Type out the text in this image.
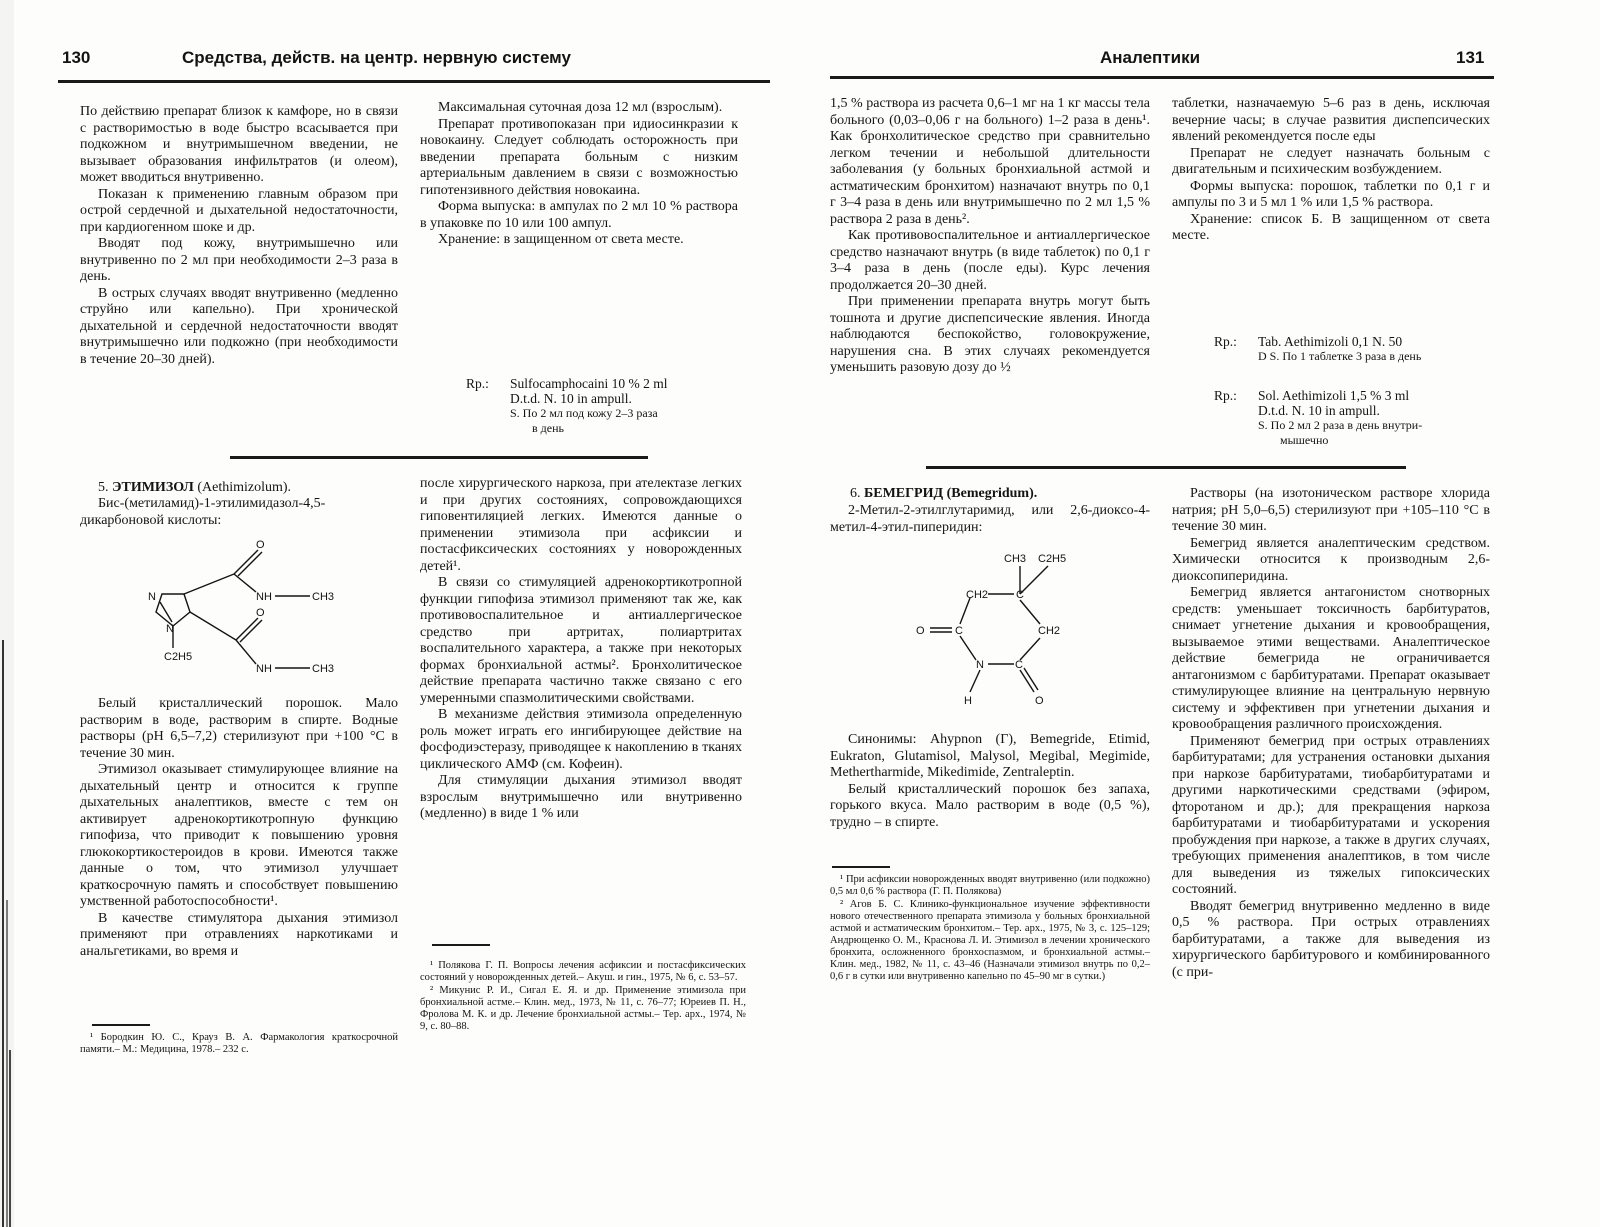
130	Средства, действ. на центр. нервную систему

По действию препарат близок к камфоре, но в связи с растворимостью в воде быстро всасывается при подкожном и внутримышечном введении, не вызывает образования инфильтратов (и олеом), может вводиться внутривенно.

Показан к применению главным образом при острой сердечной и дыхательной недостаточности, при кардиогенном шоке и др.

Вводят под кожу, внутримышечно или внутривенно по 2 мл при необходимости 2–3 раза в день.

В острых случаях вводят внутривенно (медленно струйно или капельно). При хронической дыхательной и сердечной недостаточности вводят внутримышечно или подкожно (при необходимости в течение 20–30 дней).

Максимальная суточная доза 12 мл (взрослым).

Препарат противопоказан при идиосинкразии к новокаину. Следует соблюдать осторожность при введении препарата больным с низким артериальным давлением в связи с возможностью гипотензивного действия новокаина.

Форма выпуска: в ампулах по 2 мл 10 % раствора в упаковке по 10 или 100 ампул.

Хранение: в защищенном от света месте.

Rp.: Sulfocamphocaini 10 % 2 ml
D.t.d. N. 10 in ampull.
S. По 2 мл под кожу 2–3 раза
в день

5. ЭТИМИЗОЛ (Aethimizolum).

Бис-(метиламид)-1-этилимидазол-4,5-дикарбоновой кислоты:

O
O
N
N
NH
NH
CH3
CH3
C2H5

Белый кристаллический порошок. Мало растворим в воде, растворим в спирте. Водные растворы (pH 6,5–7,2) стерилизуют при +100 °С в течение 30 мин.

Этимизол оказывает стимулирующее влияние на дыхательный центр и относится к группе дыхательных аналептиков, вместе с тем он активирует адренокортикотропную функцию гипофиза, что приводит к повышению уровня глюкокортикостероидов в крови. Имеются также данные о том, что этимизол улучшает краткосрочную память и способствует повышению умственной работоспособности¹.

В качестве стимулятора дыхания этимизол применяют при отравлениях наркотиками и анальгетиками, во время и

¹ Бородкин Ю. С., Крауз В. А. Фармакология краткосрочной памяти.– М.: Медицина, 1978.– 232 с.

после хирургического наркоза, при ателектазе легких и при других состояниях, сопровождающихся гиповентиляцией легких. Имеются данные о применении этимизола при асфиксии и постасфиксических состояниях у новорожденных детей¹.

В связи со стимуляцией адренокортикотропной функции гипофиза этимизол применяют так же, как противовоспалительное и антиаллергическое средство при артритах, полиартритах воспалительного характера, а также при некоторых формах бронхиальной астмы². Бронхолитическое действие препарата частично также связано с его умеренными спазмолитическими свойствами.

В механизме действия этимизола определенную роль может играть его ингибирующее действие на фосфодиэстеразу, приводящее к накоплению в тканях циклического АМФ (см. Кофеин).

Для стимуляции дыхания этимизол вводят взрослым внутримышечно или внутривенно (медленно) в виде 1 % или

¹ Полякова Г. П. Вопросы лечения асфиксии и постасфиксических состояний у новорожденных детей.– Акуш. и гин., 1975, № 6, с. 53–57.

² Микунис Р. И., Сигал Е. Я. и др. Применение этимизола при бронхиальной астме.– Клин. мед., 1973, № 11, с. 76–77; Юреиев П. Н., Фролова М. К. и др. Лечение бронхиальной астмы.– Тер. арх., 1974, № 9, с. 80–88.

Аналептики	131

1,5 % раствора из расчета 0,6–1 мг на 1 кг массы тела больного (0,03–0,06 г на больного) 1–2 раза в день¹. Как бронхолитическое средство при сравнительно легком течении и небольшой длительности заболевания (у больных бронхиальной астмой и астматическим бронхитом) назначают внутрь по 0,1 г 3–4 раза в день или внутримышечно по 2 мл 1,5 % раствора 2 раза в день².

Как противовоспалительное и антиаллергическое средство назначают внутрь (в виде таблеток) по 0,1 г 3–4 раза в день (после еды). Курс лечения продолжается 20–30 дней.

При применении препарата внутрь могут быть тошнота и другие диспепсические явления. Иногда наблюдаются беспокойство, головокружение, нарушения сна. В этих случаях рекомендуется уменьшить разовую дозу до ½

таблетки, назначаемую 5–6 раз в день, исключая вечерние часы; в случае развития диспепсических явлений рекомендуется после еды

Препарат не следует назначать больным с двигательным и психическим возбуждением.

Формы выпуска: порошок, таблетки по 0,1 г и ампулы по 3 и 5 мл 1 % или 1,5 % раствора.

Хранение: список Б. В защищенном от света месте.

Rp.: Tab. Aethimizoli 0,1 N. 50
D S. По 1 таблетке 3 раза в день
Rp.: Sol. Aethimizoli 1,5 % 3 ml
D.t.d. N. 10 in ampull.
S. По 2 мл 2 раза в день внутри-
мышечно

6. БЕМЕГРИД (Bemegridum).

2-Метил-2-этилглутаримид, или 2,6-диоксо-4-метил-4-этил-пиперидин:

CH3 C2H5
CH2	C
CH2
O	C
N	C
H	O

Синонимы: Ahypnon (Г), Bemegride, Etimid, Eukraton, Glutamisol, Malysol, Megibal, Megimide, Methertharmide, Mikedimide, Zentraleptin.

Белый кристаллический порошок без запаха, горького вкуса. Мало растворим в воде (0,5 %), трудно – в спирте.

¹ При асфиксии новорожденных вводят внутривенно (или подкожно) 0,5 мл 0,6 % раствора (Г. П. Полякова)

² Агов Б. С. Клинико-функциональное изучение эффективности нового отечественного препарата этимизола у больных бронхиальной астмой и астматическим бронхитом.– Тер. арх., 1975, № 3, с. 125–129; Андрющенко О. М., Краснова Л. И. Этимизол в лечении хронического бронхита, осложненного бронхоспазмом, и бронхиальной астмы.– Клин. мед., 1982, № 11, с. 43–46 (Назначали этимизол внутрь по 0,2–0,6 г в сутки или внутривенно капельно по 45–90 мг в сутки.)

Растворы (на изотоническом растворе хлорида натрия; pH 5,0–6,5) стерилизуют при +105–110 °С в течение 30 мин.

Бемегрид является аналептическим средством. Химически относится к производным 2,6-диоксопиперидина.

Бемегрид является антагонистом снотворных средств: уменьшает токсичность барбитуратов, снимает угнетение дыхания и кровообращения, вызываемое этими веществами. Аналептическое действие бемегрида не ограничивается антагонизмом с барбитуратами. Препарат оказывает стимулирующее влияние на центральную нервную систему и эффективен при угнетении дыхания и кровообращения различного происхождения.

Применяют бемегрид при острых отравлениях барбитуратами; для устранения остановки дыхания при наркозе барбитуратами, тиобарбитуратами и другими наркотическими средствами (эфиром, фторотаном и др.); для прекращения наркоза барбитуратами и тиобарбитуратами и ускорения пробуждения при наркозе, а также в других случаях, требующих применения аналептиков, в том числе для выведения из тяжелых гипоксических состояний.

Вводят бемегрид внутривенно медленно в виде 0,5 % раствора. При острых отравлениях барбитуратами, а также для выведения из хирургического барбитурового и комбинированного (с при-
